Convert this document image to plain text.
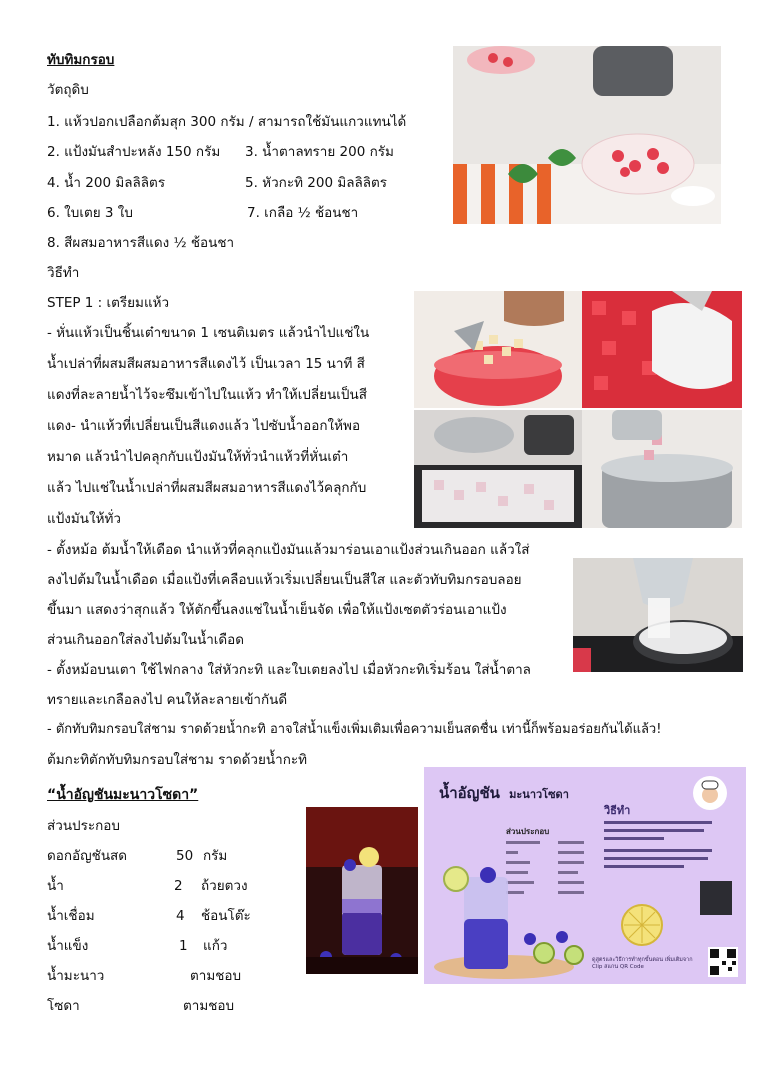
ทับทิมกรอบ
วัตถุดิบ
1. แห้วปอกเปลือกต้มสุก 300 กรัม / สามารถใช้มันแกวแทนได้
2. แป้งมันสำปะหลัง 150 กรัม 3. น้ำตาลทราย 200 กรัม
4. น้ำ 200 มิลลิลิตร	5. หัวกะทิ 200 มิลลิลิตร
6. ใบเตย 3 ใบ	7. เกลือ ½ ช้อนชา
8. สีผสมอาหารสีแดง ½ ช้อนชา
วิธีทำ
STEP 1 : เตรียมแห้ว
- หั่นแห้วเป็นชิ้นเต๋าขนาด 1 เซนติเมตร แล้วนำไปแช่ใน
น้ำเปล่าที่ผสมสีผสมอาหารสีแดงไว้ เป็นเวลา 15 นาที สี
แดงที่ละลายน้ำไว้จะซึมเข้าไปในแห้ว ทำให้เปลี่ยนเป็นสี
แดง- นำแห้วที่เปลี่ยนเป็นสีแดงแล้ว ไปซับน้ำออกให้พอ
หมาด แล้วนำไปคลุกกับแป้งมันให้ทั่วนำแห้วที่หั่นเต๋า
แล้ว ไปแช่ในน้ำเปล่าที่ผสมสีผสมอาหารสีแดงไว้คลุกกับ
แป้งมันให้ทั่ว
- ตั้งหม้อ ต้มน้ำให้เดือด นำแห้วที่คลุกแป้งมันแล้วมาร่อนเอาแป้งส่วนเกินออก แล้วใส่
ลงไปต้มในน้ำเดือด เมื่อแป้งที่เคลือบแห้วเริ่มเปลี่ยนเป็นสีใส และตัวทับทิมกรอบลอย
ขึ้นมา แสดงว่าสุกแล้ว ให้ตักขึ้นลงแช่ในน้ำเย็นจัด เพื่อให้แป้งเซตตัวร่อนเอาแป้ง
ส่วนเกินออกใส่ลงไปต้มในน้ำเดือด
- ตั้งหม้อบนเตา ใช้ไฟกลาง ใส่หัวกะทิ และใบเตยลงไป เมื่อหัวกะทิเริ่มร้อน ใส่น้ำตาล
ทรายและเกลือลงไป คนให้ละลายเข้ากันดี
- ตักทับทิมกรอบใส่ชาม ราดด้วยน้ำกะทิ อาจใส่น้ำแข็งเพิ่มเติมเพื่อความเย็นสดชื่น เท่านี้ก็พร้อมอร่อยกันได้แล้ว!
ต้มกะทิตักทับทิมกรอบใส่ชาม ราดด้วยน้ำกะทิ
“น้ำอัญชันมะนาวโซดา”
ส่วนประกอบ
ดอกอัญชันสด	50 กรัม
น้ำ	2 ถ้วยตวง
น้ำเชื่อม	4 ช้อนโต๊ะ
น้ำแข็ง	1 แก้ว
น้ำมะนาว	ตามชอบ
โซดา	ตามชอบ
น้ำอัญชัน มะนาวโซดา
ส่วนประกอบ
วิธีทำ
ดูสูตรและวิธีการทำทุกขั้นตอน เพิ่มเติมจาก Clip สแกน QR Code
